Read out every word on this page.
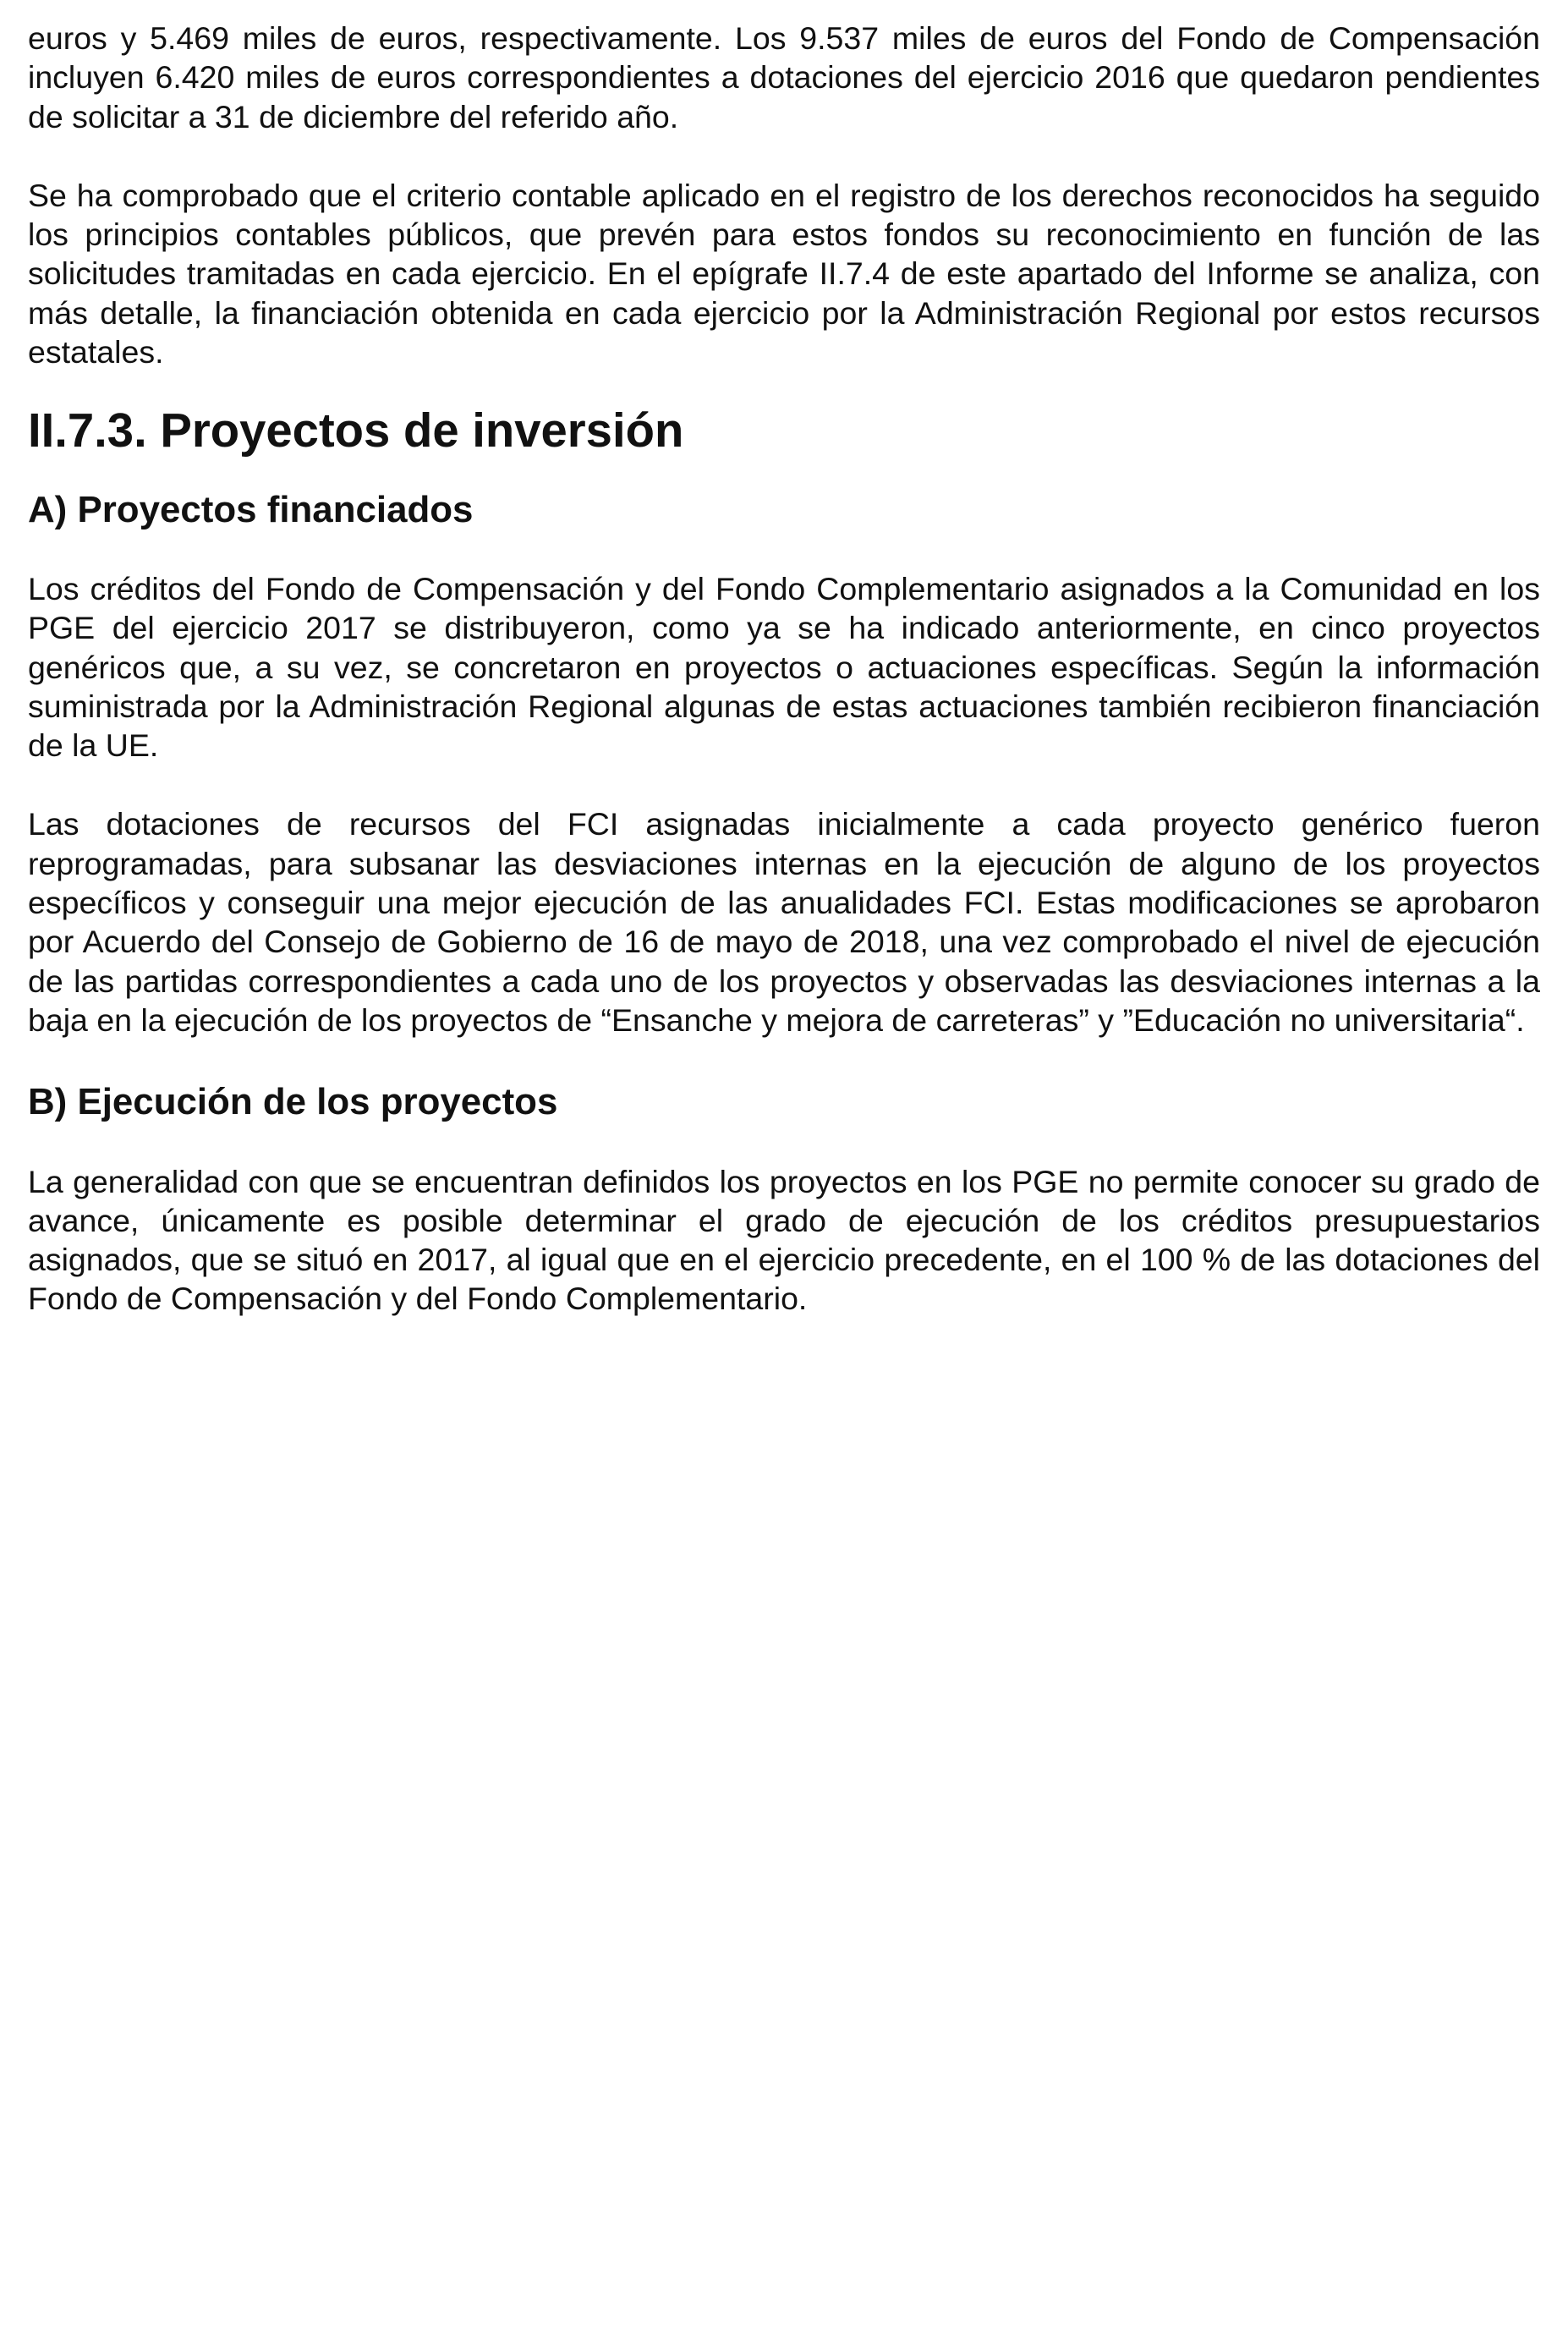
euros y 5.469 miles de euros, respectivamente. Los 9.537 miles de euros del Fondo de Compensación incluyen 6.420 miles de euros correspondientes a dotaciones del ejercicio 2016 que quedaron pendientes de solicitar a 31 de diciembre del referido año.

Se ha comprobado que el criterio contable aplicado en el registro de los derechos reconocidos ha seguido los principios contables públicos, que prevén para estos fondos su reconocimiento en función de las solicitudes tramitadas en cada ejercicio. En el epígrafe II.7.4 de este apartado del Informe se analiza, con más detalle, la financiación obtenida en cada ejercicio por la Administración Regional por estos recursos estatales.

II.7.3. Proyectos de inversión
A) Proyectos financiados

Los créditos del Fondo de Compensación y del Fondo Complementario asignados a la Comunidad en los PGE del ejercicio 2017 se distribuyeron, como ya se ha indicado anteriormente, en cinco proyectos genéricos que, a su vez, se concretaron en proyectos o actuaciones específicas. Según la información suministrada por la Administración Regional algunas de estas actuaciones también recibieron financiación de la UE.

Las dotaciones de recursos del FCI asignadas inicialmente a cada proyecto genérico fueron reprogramadas, para subsanar las desviaciones internas en la ejecución de alguno de los proyectos específicos y conseguir una mejor ejecución de las anualidades FCI. Estas modificaciones se aprobaron por Acuerdo del Consejo de Gobierno de 16 de mayo de 2018, una vez comprobado el nivel de ejecución de las partidas correspondientes a cada uno de los proyectos y observadas las desviaciones internas a la baja en la ejecución de los proyectos de “Ensanche y mejora de carreteras” y ”Educación no universitaria“.

B) Ejecución de los proyectos

La generalidad con que se encuentran definidos los proyectos en los PGE no permite conocer su grado de avance, únicamente es posible determinar el grado de ejecución de los créditos presupuestarios asignados, que se situó en 2017, al igual que en el ejercicio precedente, en el 100 % de las dotaciones del Fondo de Compensación y del Fondo Complementario.
